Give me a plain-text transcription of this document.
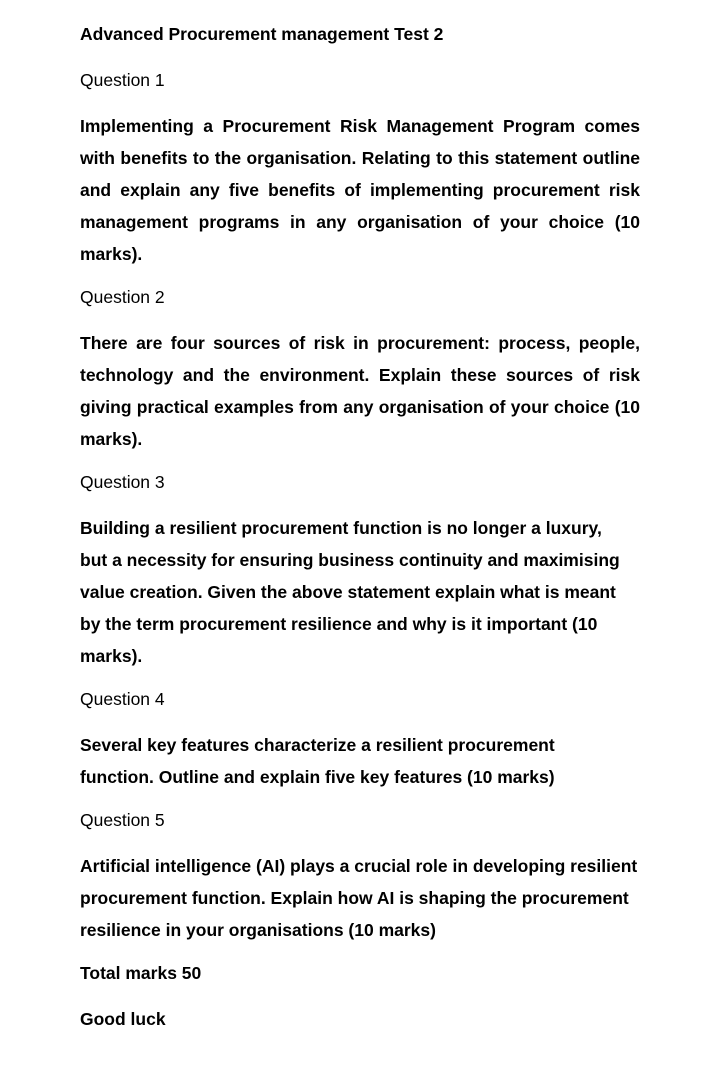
Advanced Procurement management Test 2
Question 1
Implementing a Procurement Risk Management Program comes with benefits to the organisation. Relating to this statement outline and explain any five benefits of implementing procurement risk management programs in any organisation of your choice (10 marks).
Question 2
There are four sources of risk in procurement: process, people, technology and the environment. Explain these sources of risk giving practical examples from any organisation of your choice (10 marks).
Question 3
Building a resilient procurement function is no longer a luxury, but a necessity for ensuring business continuity and maximising value creation. Given the above statement explain what is meant by the term procurement resilience and why is it important (10 marks).
Question 4
Several key features characterize a resilient procurement function. Outline and explain five key features (10 marks)
Question 5
Artificial intelligence (AI) plays a crucial role in developing resilient procurement function. Explain how AI is shaping the procurement resilience in your organisations (10 marks)
Total marks 50
Good luck
